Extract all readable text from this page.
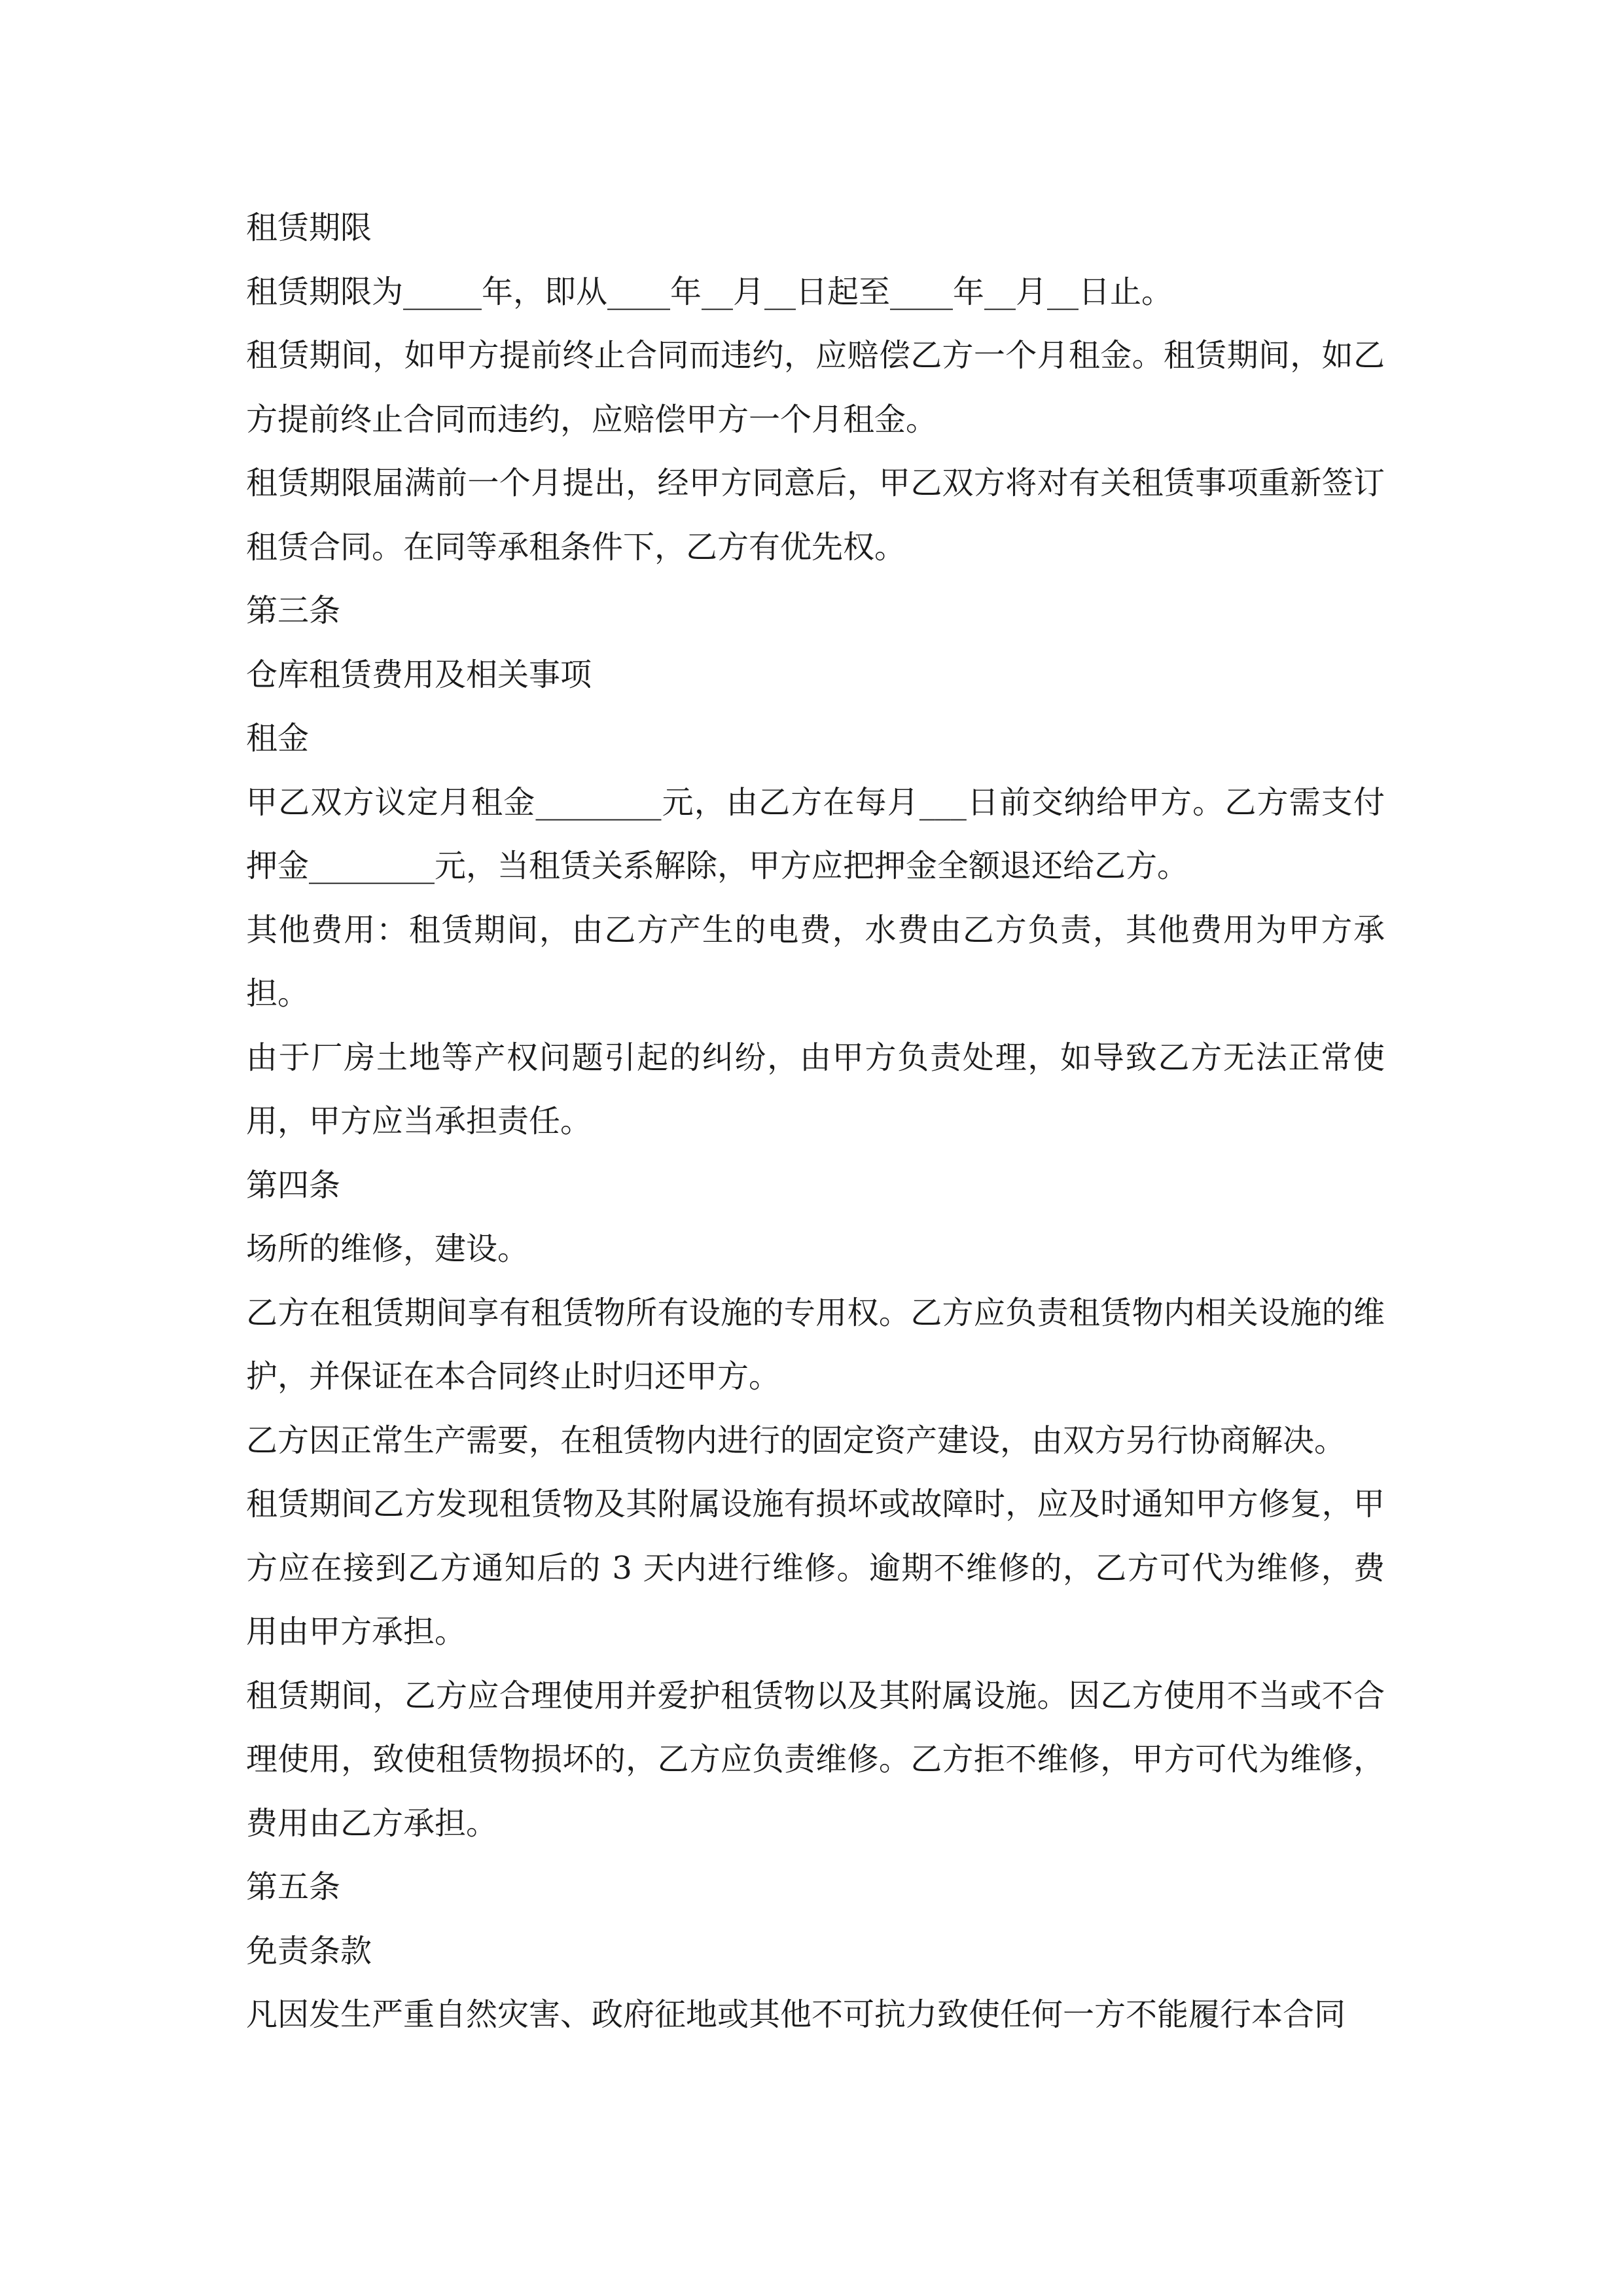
租赁期限

租赁期限为_____年，即从____年__月__日起至____年__月__日止。

租赁期间，如甲方提前终止合同而违约，应赔偿乙方一个月租金。租赁期间，如乙方提前终止合同而违约，应赔偿甲方一个月租金。

租赁期限届满前一个月提出，经甲方同意后，甲乙双方将对有关租赁事项重新签订租赁合同。在同等承租条件下，乙方有优先权。

第三条

仓库租赁费用及相关事项

租金

甲乙双方议定月租金________元，由乙方在每月___日前交纳给甲方。乙方需支付押金________元，当租赁关系解除，甲方应把押金全额退还给乙方。

其他费用：租赁期间，由乙方产生的电费，水费由乙方负责，其他费用为甲方承担。

由于厂房土地等产权问题引起的纠纷，由甲方负责处理，如导致乙方无法正常使用，甲方应当承担责任。

第四条

场所的维修，建设。

乙方在租赁期间享有租赁物所有设施的专用权。乙方应负责租赁物内相关设施的维护，并保证在本合同终止时归还甲方。

乙方因正常生产需要，在租赁物内进行的固定资产建设，由双方另行协商解决。

租赁期间乙方发现租赁物及其附属设施有损坏或故障时，应及时通知甲方修复，甲方应在接到乙方通知后的 3 天内进行维修。逾期不维修的，乙方可代为维修，费用由甲方承担。

租赁期间，乙方应合理使用并爱护租赁物以及其附属设施。因乙方使用不当或不合理使用，致使租赁物损坏的，乙方应负责维修。乙方拒不维修，甲方可代为维修，费用由乙方承担。

第五条

免责条款

凡因发生严重自然灾害、政府征地或其他不可抗力致使任何一方不能履行本合同
